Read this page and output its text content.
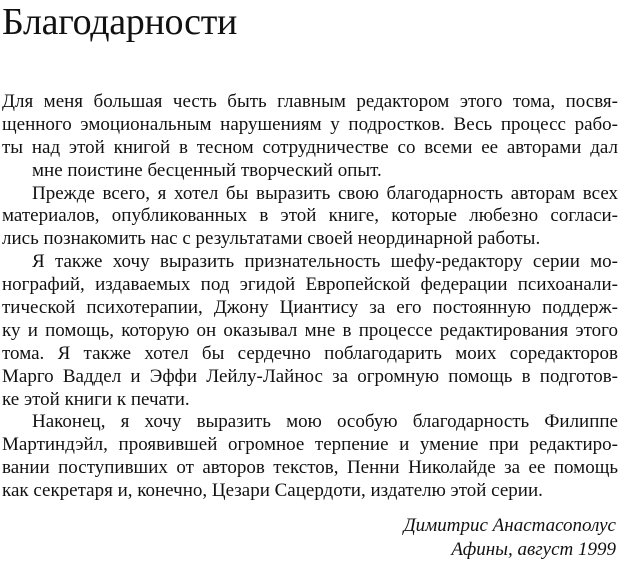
Благодарности
Для меня большая честь быть главным редактором этого тома, посвя-
щенного эмоциональным нарушениям у подростков. Весь процесс рабо-
ты над этой книгой в тесном сотрудничестве со всеми ее авторами дал
мне поистине бесценный творческий опыт.
Прежде всего, я хотел бы выразить свою благодарность авторам всех
материалов, опубликованных в этой книге, которые любезно согласи-
лись познакомить нас с результатами своей неординарной работы.
Я также хочу выразить признательность шефу-редактору серии мо-
нографий, издаваемых под эгидой Европейской федерации психоанали-
тической психотерапии, Джону Циантису за его постоянную поддерж-
ку и помощь, которую он оказывал мне в процессе редактирования этого
тома. Я также хотел бы сердечно поблагодарить моих соредакторов
Марго Ваддел и Эффи Лейлу-Лайнос за огромную помощь в подготов-
ке этой книги к печати.
Наконец, я хочу выразить мою особую благодарность Филиппе
Мартиндэйл, проявившей огромное терпение и умение при редактиро-
вании поступивших от авторов текстов, Пенни Николайде за ее помощь
как секретаря и, конечно, Цезари Сацердоти, издателю этой серии.
Димитрис Анастасополус
Афины, август 1999
